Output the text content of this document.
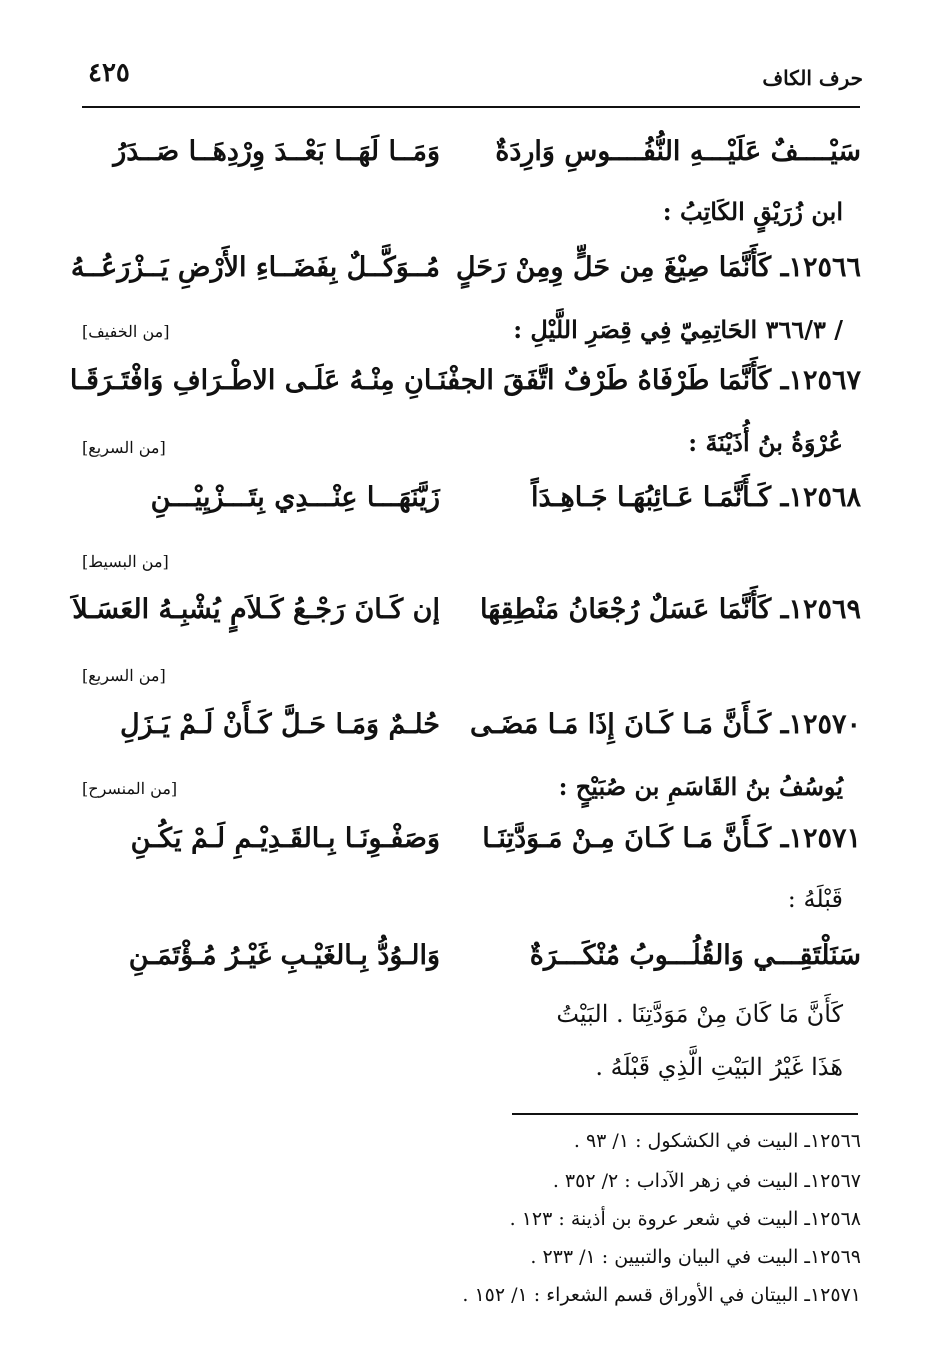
حرف الكاف
٤٢٥
سَيْــــفٌ عَلَيْـــهِ النُّفُــــوسِ وَارِدَةٌ
وَمَــا لَهَــا بَعْــدَ وِرْدِهَــا صَــدَرُ
ابن زُرَيْقٍ الكَاتِبُ :
١٢٥٦٦ـ كَأَنَّمَا صِيْغَ مِن حَلٍّ وِمِنْ رَحَلٍ
مُــوَكَّــلٌ بِفَضَــاءِ الأَرْضِ يَــزْرَعُــهُ
/ ٣٦٦/٣ الحَاتِمِيّ فِي قِصَرِ اللَّيْلِ :
[من الخفيف]
١٢٥٦٧ـ كَأَنَّمَا طَرْفَاهُ طَرْفٌ اتَّفَقَ الجفْنَـ
ـانِ مِنْـهُ عَلَـى الاطْـرَافِ وَافْتَـرَقَـا
عُرْوَةُ بنُ أُذَيْنَةَ :
[من السريع]
١٢٥٦٨ـ كَـأَنَّمَـا عَـائِبُهَـا جَـاهِـدَاً
زَيَّنَهَـــا عِنْـــدِي بِتَـــزْيِيْـــنِ
[من البسيط]
١٢٥٦٩ـ كَأَنَّمَا عَسَلٌ رُجْعَانُ مَنْطِقِهَا
إن كَـانَ رَجْـعُ كَـلاَمٍ يُشْبِـهُ العَسَـلاَ
[من السريع]
١٢٥٧٠ـ كَـأَنَّ مَـا كَـانَ إِذَا مَـا مَضَـى
حُلـمٌ وَمَـا حَـلَّ كَـأَنْ لَـمْ يَـزَلِ
يُوسُفُ بنُ القَاسَمِ بن صُبَيْحٍ :
[من المنسرح]
١٢٥٧١ـ كَـأَنَّ مَـا كَـانَ مِـنْ مَـوَدَّتِنَـا
وَصَفْـوِنَـا بِـالقَـدِيْـمِ لَـمْ يَكُـنِ
قَبْلَهُ :
سَنَلْتَقِـــي وَالقُلُـــوبُ مُنْكَـــرَةٌ
وَالـوُدُّ بِـالغَيْـبِ غَيْـرُ مُـؤْتَمَـنِ
كَأَنَّ مَا كَانَ مِنْ مَوَدَّتِنَا . البَيْتُ
هَذَا غَيْرُ البَيْتِ الَّذِي قَبْلَهُ .
١٢٥٦٦ـ البيت في الكشكول : ١/ ٩٣ .
١٢٥٦٧ـ البيت في زهر الآداب : ٢/ ٣٥٢ .
١٢٥٦٨ـ البيت في شعر عروة بن أذينة : ١٢٣ .
١٢٥٦٩ـ البيت في البيان والتبيين : ١/ ٢٣٣ .
١٢٥٧١ـ البيتان في الأوراق قسم الشعراء : ١/ ١٥٢ .
